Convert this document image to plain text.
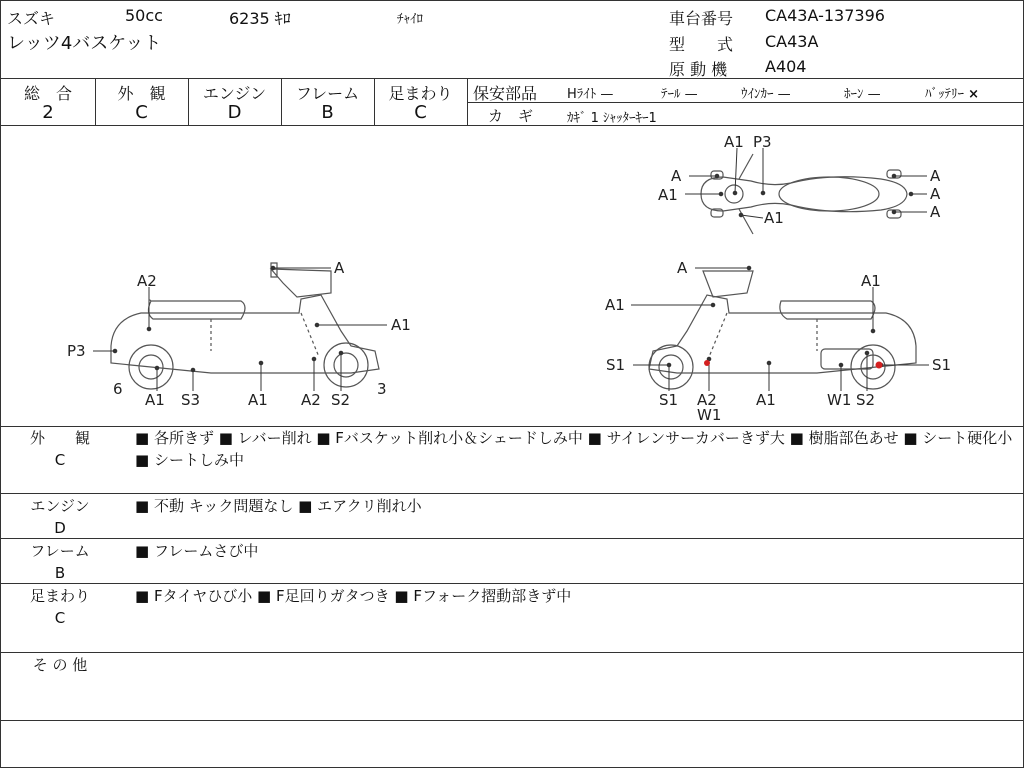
スズキ	50cc	6235 ｷﾛ	ﾁｬｲﾛ
レッツ4バスケット
車台番号 CA43A-137396
型　　式 CA43A
原 動 機 A404
総　合
2
外　観
C
エンジン
D
フレーム
B
足まわり
C
保安部品 Hﾗｲﾄ —	ﾃｰﾙ —	ｳｲﾝｶｰ —	ﾎｰﾝ —	ﾊﾞｯﾃﾘｰ ×
カ　ギ	ｶｷﾞ 1 ｼｬｯﾀｰｷｰ1
A1 P3
A
A1
A1
A
A
A
A
A2
A1
P3
6
A1 S3	A1 A2 S2
3
A
A1
A1
S1
S1 A2
W1
A1	W1 S2
S1
外　　観
C
■ 各所きず ■ レバー削れ ■ Fバスケット削れ小＆シェードしみ中 ■ サイレンサーカバーきず大 ■ 樹脂部色あせ ■ シート硬化小 ■ シートしみ中
エンジン
D
■ 不動 キック問題なし ■ エアクリ削れ小
フレーム
B
■ フレームさび中
足まわり
C
■ Fタイヤひび小 ■ F足回りガタつき ■ Fフォーク摺動部きず中
そ の 他
